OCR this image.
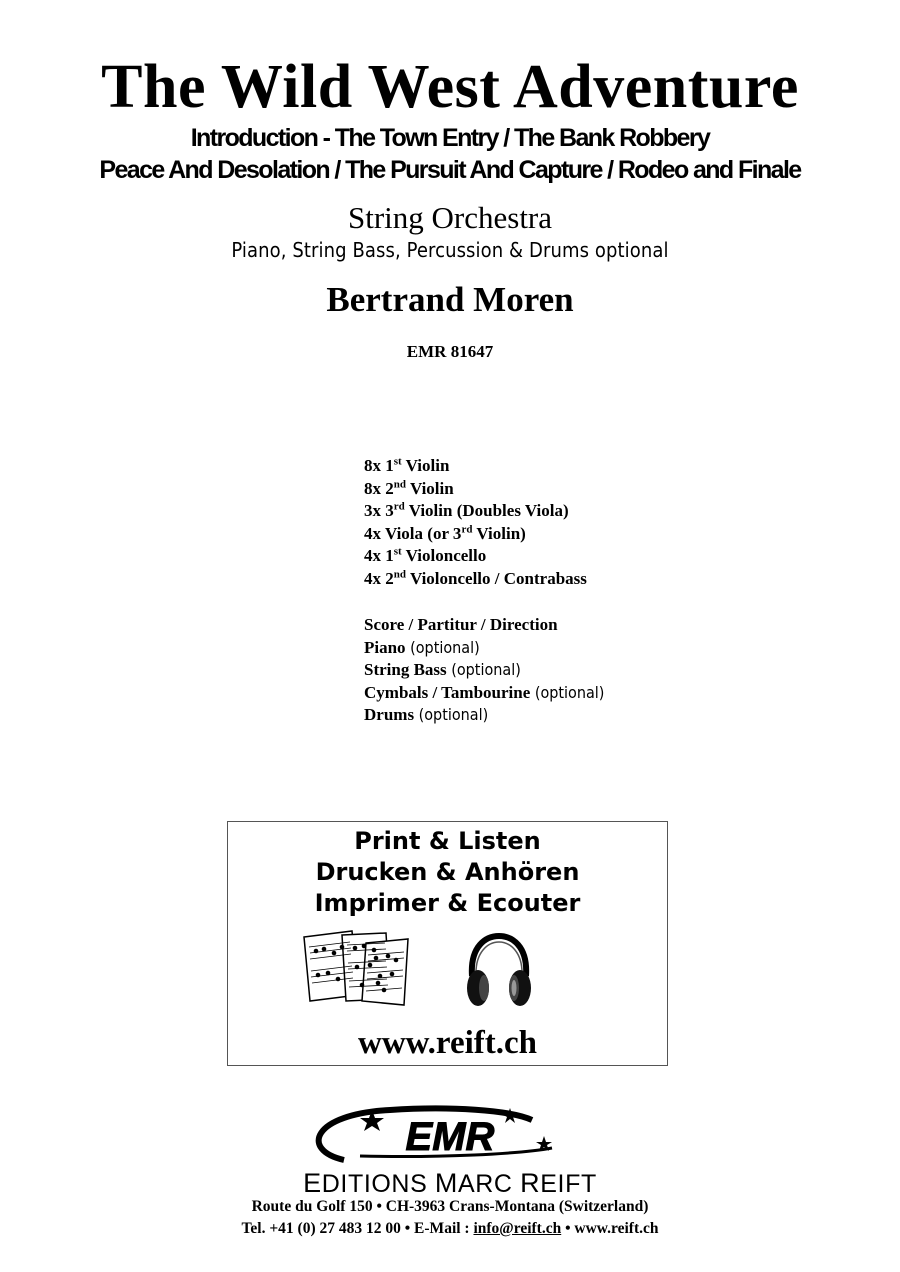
The Wild West Adventure
Introduction - The Town Entry / The Bank Robbery
Peace And Desolation / The Pursuit And Capture / Rodeo and Finale
String Orchestra
Piano, String Bass, Percussion & Drums optional
Bertrand Moren
EMR 81647
8x 1st Violin
8x 2nd Violin
3x 3rd Violin (Doubles Viola)
4x Viola (or 3rd Violin)
4x 1st Violoncello
4x 2nd Violoncello / Contrabass
Score / Partitur / Direction
Piano (optional)
String Bass (optional)
Cymbals / Tambourine (optional)
Drums (optional)
Print & Listen
Drucken & Anhören
Imprimer & Ecouter
www.reift.ch
EMR
EDITIONS MARC REIFT
Route du Golf 150 • CH-3963 Crans-Montana (Switzerland)
Tel. +41 (0) 27 483 12 00 • E-Mail : info@reift.ch • www.reift.ch
